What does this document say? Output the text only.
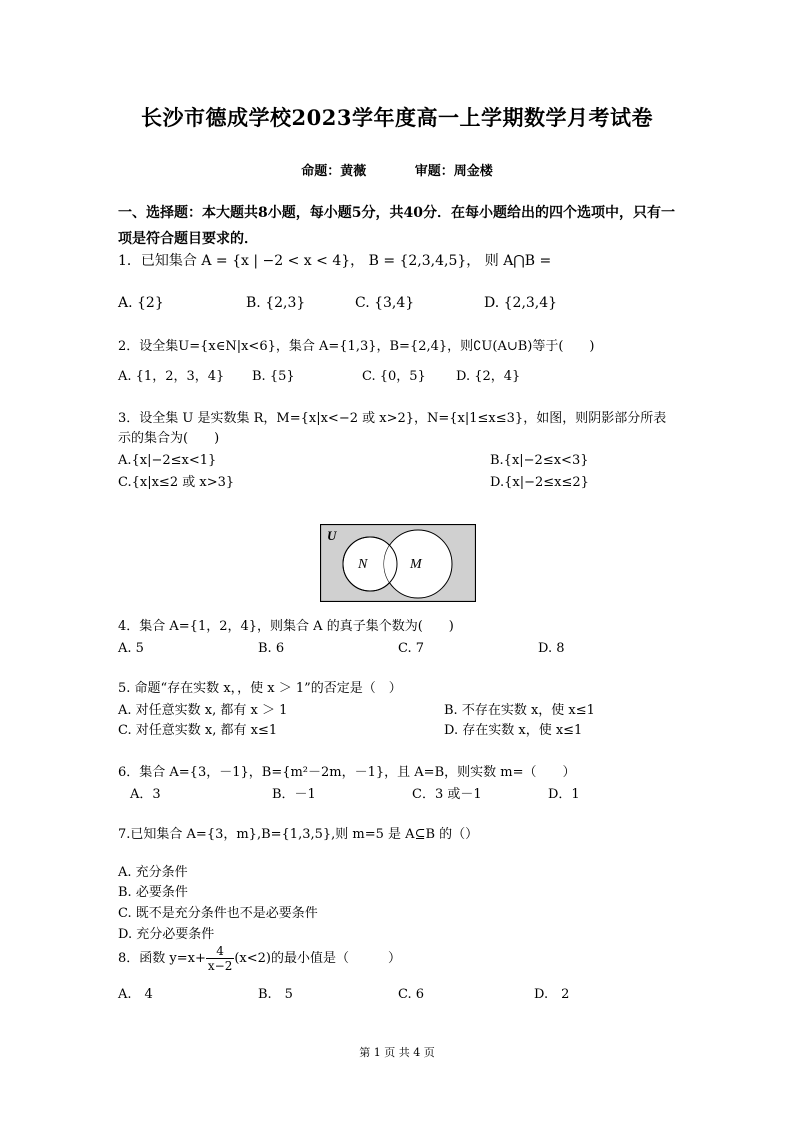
长沙市德成学校2023学年度高一上学期数学月考试卷
命题：黄薇	审题：周金楼
一、选择题：本大题共8小题，每小题5分，共40分．在每小题给出的四个选项中，只有一项是符合题目要求的．
1．已知集合 A = {x | −2 < x < 4}， B = {2,3,4,5}， 则 A⋂B =
A. {2}	B. {2,3}	C. {3,4}	D. {2,3,4}
2．设全集U={x∈N|x<6}，集合 A={1,3}，B={2,4}，则∁U(A∪B)等于(　　)
A. {1，2，3，4} B. {5}	C. {0，5} D. {2，4}
3．设全集 U 是实数集 R，M={x|x<−2 或 x>2}，N={x|1≤x≤3}，如图，则阴影部分所表
示的集合为(　　)
A.{x|−2≤x<1}	B.{x|−2≤x<3}
C.{x|x≤2 或 x>3}	D.{x|−2≤x≤2}
U
N	M
4．集合 A={1，2，4}，则集合 A 的真子集个数为(　　)
A. 5	B. 6	C. 7	D. 8
5. 命题“存在实数 x，，使 x ＞ 1”的否定是（　）
A. 对任意实数 x, 都有 x ＞ 1	B. 不存在实数 x，使 x≤1
C. 对任意实数 x, 都有 x≤1	D. 存在实数 x，使 x≤1
6．集合 A={3，－1}，B={m²－2m，－1}，且 A=B，则实数 m=（　　）
A．3	B．－1	C．3 或－1	D．1
7.已知集合 A={3，m},B={1,3,5},则 m=5 是 A⊆B 的（）
A. 充分条件
B. 必要条件
C. 既不是充分条件也不是必要条件
D. 充分必要条件
8．函数 $y=x+ \frac{4}{x-2} (x<2)$的最小值是（　　　）
A.　4	B.　5	C. 6	D.　2
第 1 页 共 4 页
